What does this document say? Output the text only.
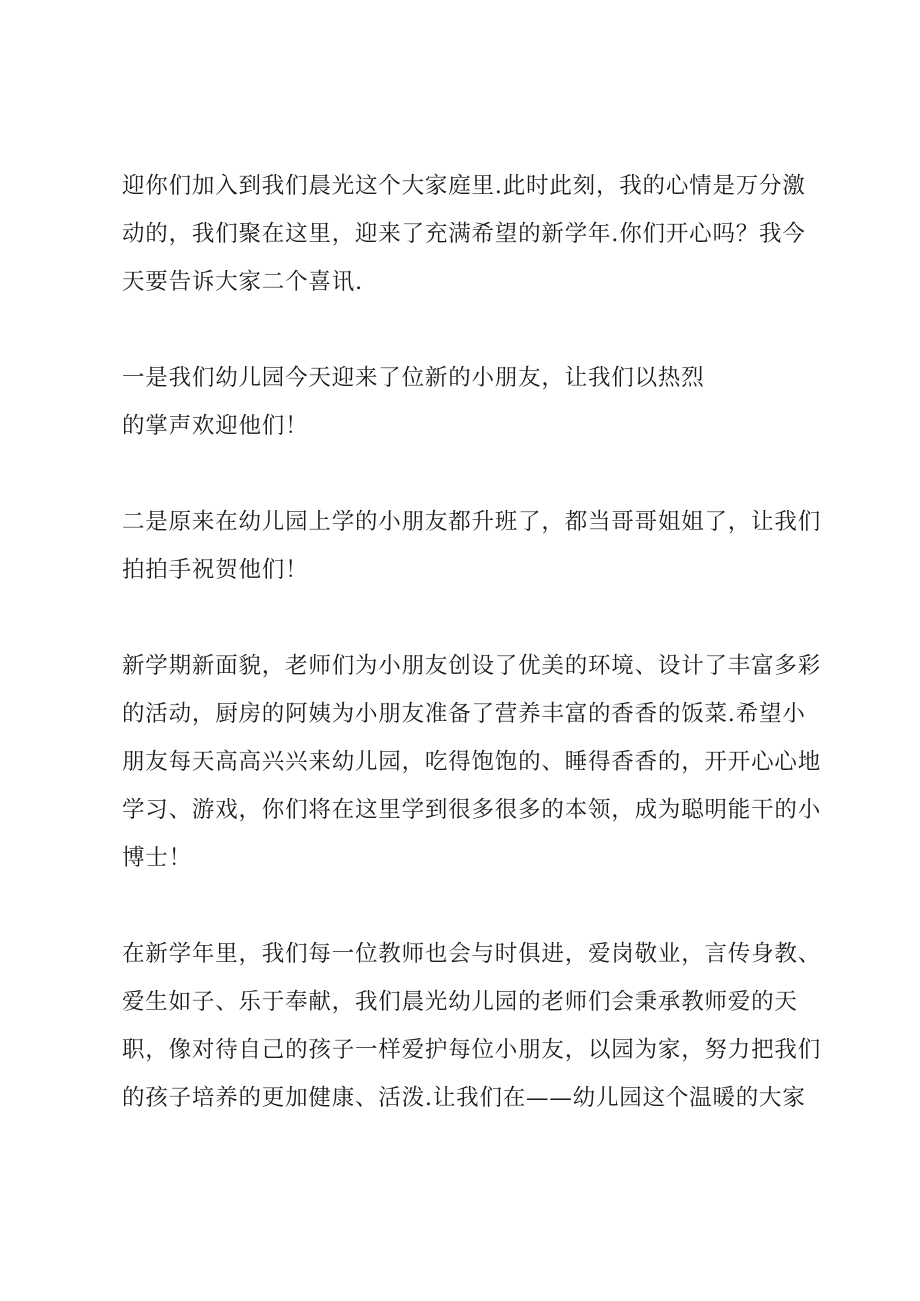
迎你们加入到我们晨光这个大家庭里.此时此刻，我的心情是万分激
动的，我们聚在这里，迎来了充满希望的新学年.你们开心吗？我今
天要告诉大家二个喜讯.

一是我们幼儿园今天迎来了位新的小朋友，让我们以热烈
的掌声欢迎他们！

二是原来在幼儿园上学的小朋友都升班了，都当哥哥姐姐了，让我们
拍拍手祝贺他们！

新学期新面貌，老师们为小朋友创设了优美的环境、设计了丰富多彩
的活动，厨房的阿姨为小朋友准备了营养丰富的香香的饭菜.希望小
朋友每天高高兴兴来幼儿园，吃得饱饱的、睡得香香的，开开心心地
学习、游戏，你们将在这里学到很多很多的本领，成为聪明能干的小
博士！

在新学年里，我们每一位教师也会与时俱进，爱岗敬业，言传身教、
爱生如子、乐于奉献，我们晨光幼儿园的老师们会秉承教师爱的天
职，像对待自己的孩子一样爱护每位小朋友，以园为家，努力把我们
的孩子培养的更加健康、活泼.让我们在——幼儿园这个温暖的大家
